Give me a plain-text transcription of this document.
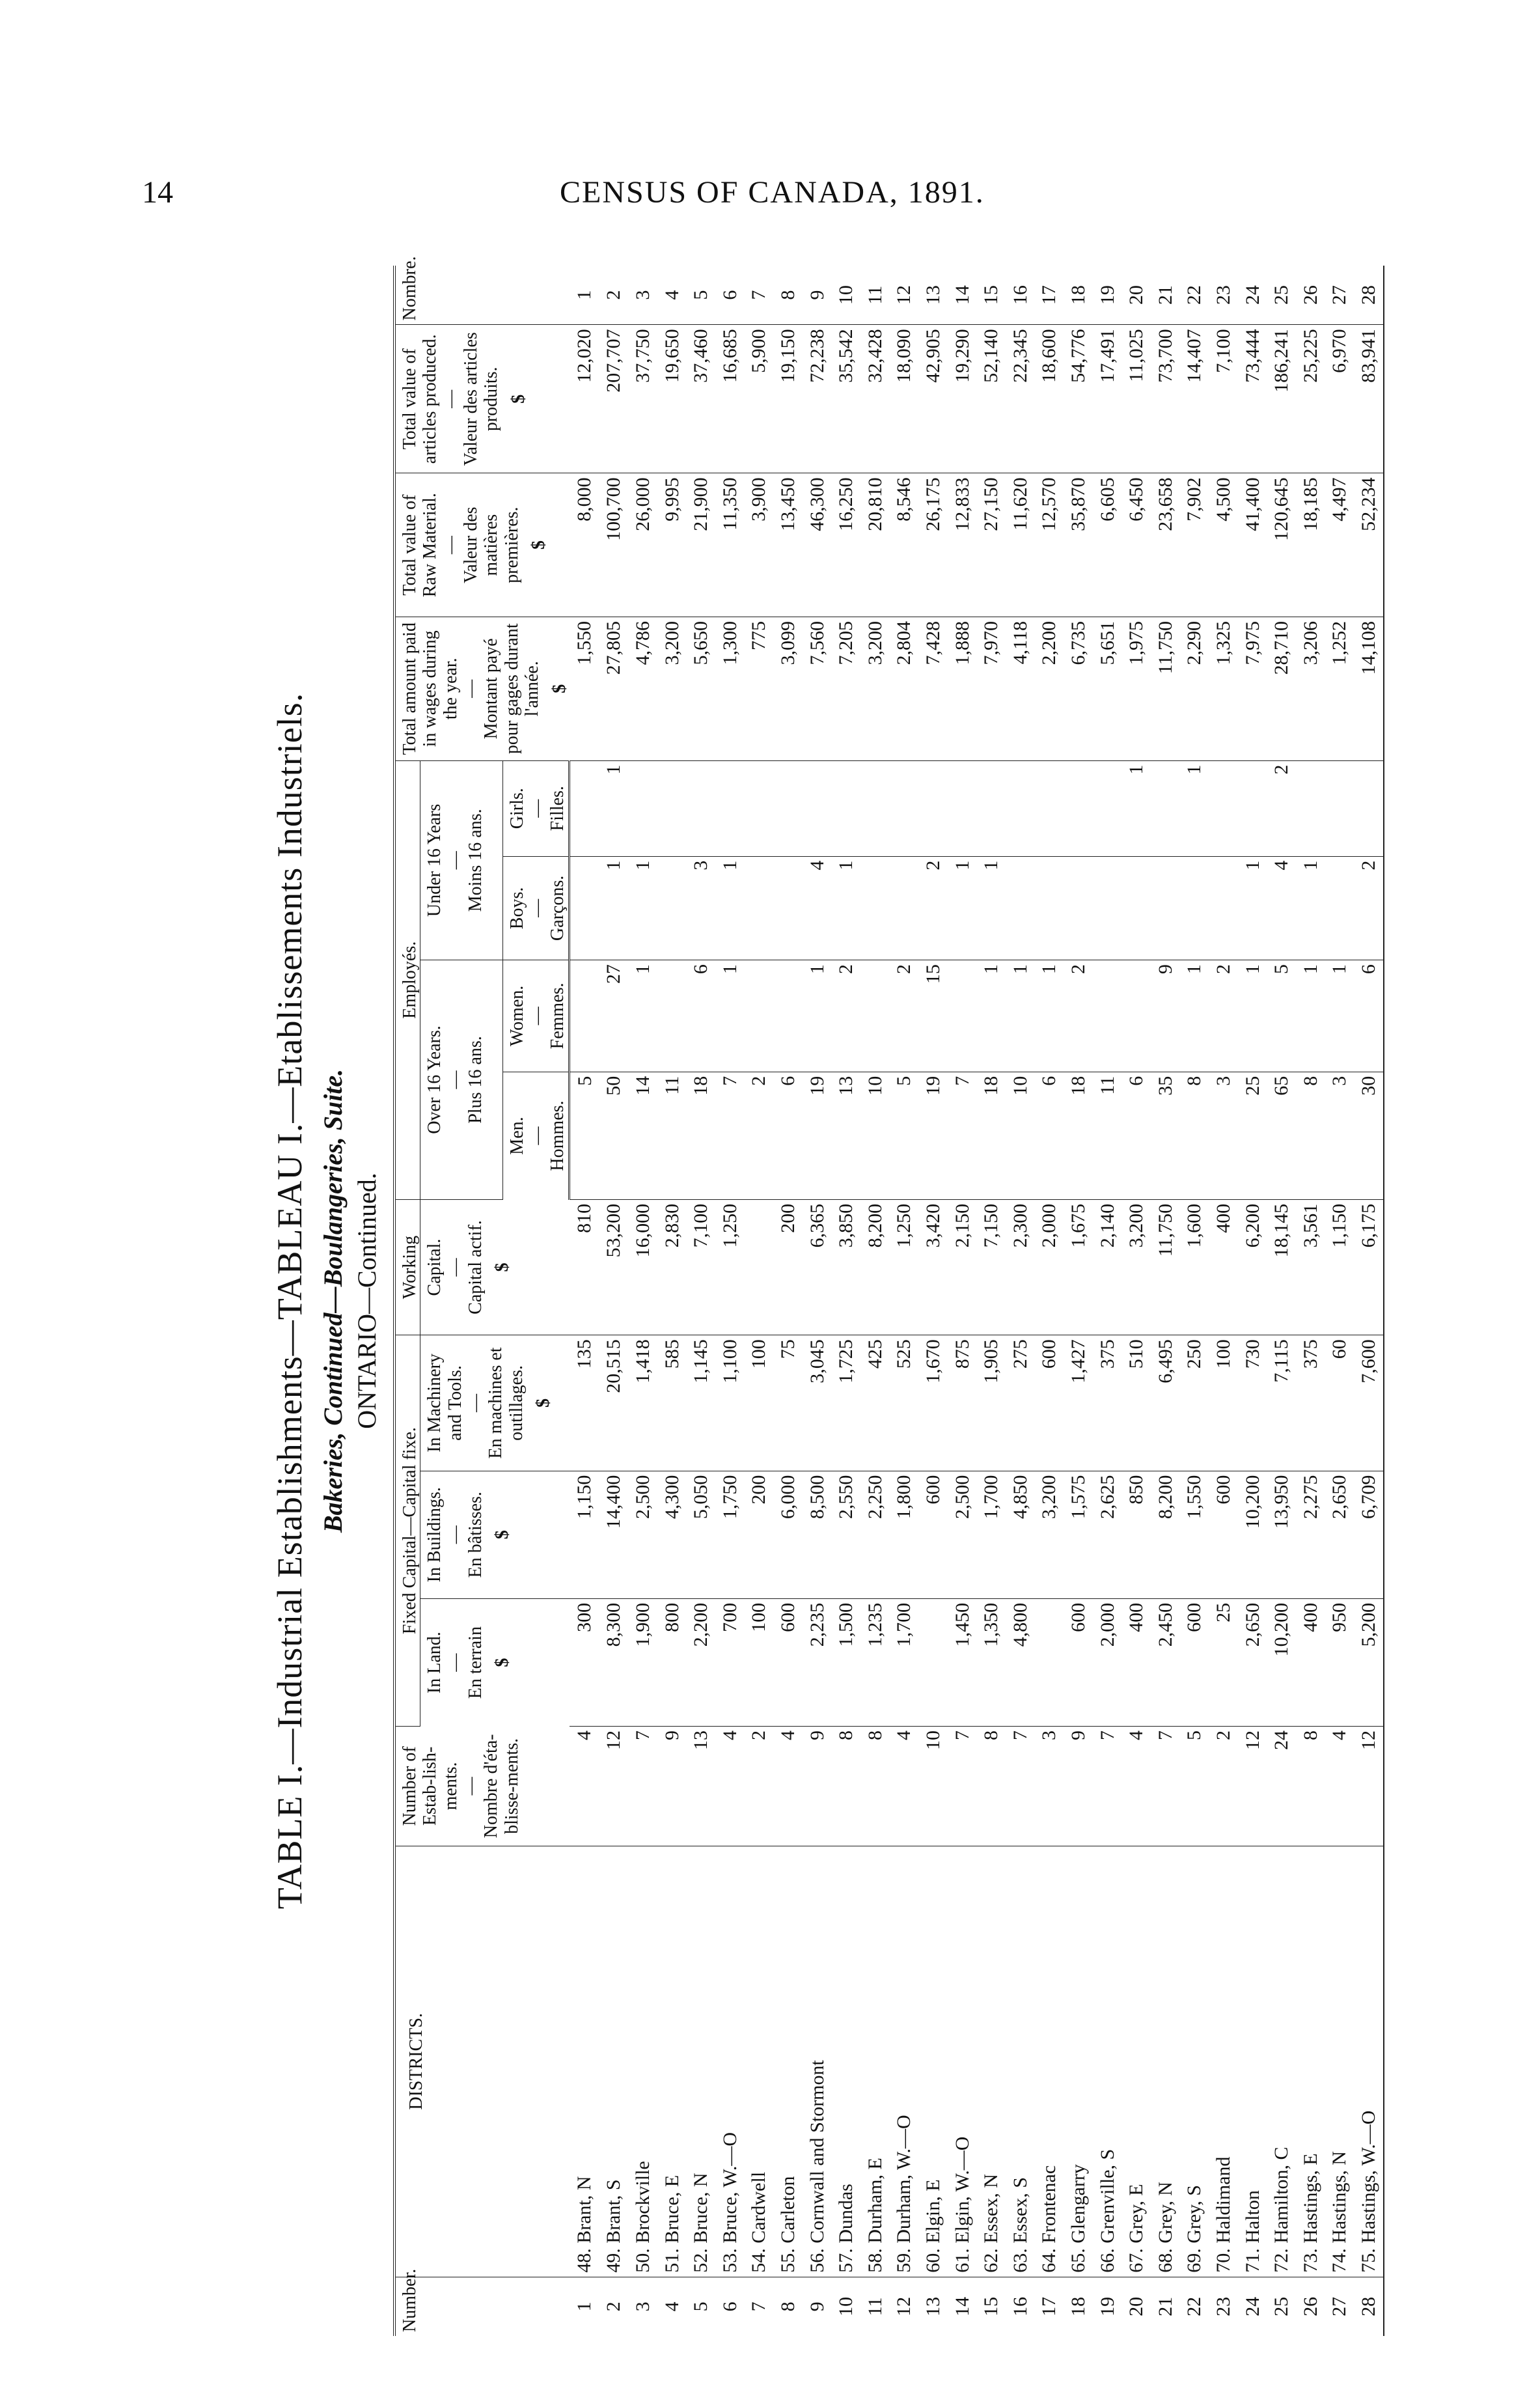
14	CENSUS OF CANADA, 1891.
TABLE I.—Industrial Establishments—TABLEAU I.—Etablissements Industriels. Bakeries, Continued—Boulangeries, Suite. ONTARIO—Continued.
Number.	DISTRICTS.	Number of Estab-lish-ments. — Nombre d'éta-blisse-ments.	Fixed Capital—Capital fixe.			Working	Employés.				Total amount paid in wages during the year. — Montant payé pour gages durant l'année. $	Total value of Raw Material. — Valeur des matières premières. $	Total value of articles produced. — Valeur des articles produits. $	Nombre.
			In Land. — En terrain $	In Buildings. — En bâtisses. $	In Machinery and Tools. — En machines et outillages. $	Capital. — Capital actif. $	Over 16 Years. — Plus 16 ans.		Under 16 Years — Moins 16 ans.					
							Men. — Hommes.	Women. — Femmes.	Boys. — Garçons.	Girls. — Filles.				
1	48. Brant, N	4	300	1,150	135	810	5				1,550	8,000	12,020	1
2	49. Brant, S	12	8,300	14,400	20,515	53,200	50	27	1	1	27,805	100,700	207,707	2
3	50. Brockville	7	1,900	2,500	1,418	16,000	14	1	1		4,786	26,000	37,750	3
4	51. Bruce, E	9	800	4,300	585	2,830	11				3,200	9,995	19,650	4
5	52. Bruce, N	13	2,200	5,050	1,145	7,100	18	6	3		5,650	21,900	37,460	5
6	53. Bruce, W.—O	4	700	1,750	1,100	1,250	7	1	1		1,300	11,350	16,685	6
7	54. Cardwell	2	100	200	100		2				775	3,900	5,900	7
8	55. Carleton	4	600	6,000	75	200	6				3,099	13,450	19,150	8
9	56. Cornwall and Stormont	9	2,235	8,500	3,045	6,365	19	1	4		7,560	46,300	72,238	9
10	57. Dundas	8	1,500	2,550	1,725	3,850	13	2	1		7,205	16,250	35,542	10
11	58. Durham, E	8	1,235	2,250	425	8,200	10				3,200	20,810	32,428	11
12	59. Durham, W.—O	4	1,700	1,800	525	1,250	5	2			2,804	8,546	18,090	12
13	60. Elgin, E	10		600	1,670	3,420	19	15	2		7,428	26,175	42,905	13
14	61. Elgin, W.—O	7	1,450	2,500	875	2,150	7		1		1,888	12,833	19,290	14
15	62. Essex, N	8	1,350	1,700	1,905	7,150	18	1	1		7,970	27,150	52,140	15
16	63. Essex, S	7	4,800	4,850	275	2,300	10	1			4,118	11,620	22,345	16
17	64. Frontenac	3		3,200	600	2,000	6	1			2,200	12,570	18,600	17
18	65. Glengarry	9	600	1,575	1,427	1,675	18	2			6,735	35,870	54,776	18
19	66. Grenville, S	7	2,000	2,625	375	2,140	11				5,651	6,605	17,491	19
20	67. Grey, E	4	400	850	510	3,200	6			1	1,975	6,450	11,025	20
21	68. Grey, N	7	2,450	8,200	6,495	11,750	35	9			11,750	23,658	73,700	21
22	69. Grey, S	5	600	1,550	250	1,600	8	1		1	2,290	7,902	14,407	22
23	70. Haldimand	2	25	600	100	400	3	2			1,325	4,500	7,100	23
24	71. Halton	12	2,650	10,200	730	6,200	25	1	1		7,975	41,400	73,444	24
25	72. Hamilton, C	24	10,200	13,950	7,115	18,145	65	5	4	2	28,710	120,645	186,241	25
26	73. Hastings, E	8	400	2,275	375	3,561	8	1	1		3,206	18,185	25,225	26
27	74. Hastings, N	4	950	2,650	60	1,150	3	1			1,252	4,497	6,970	27
28	75. Hastings, W.—O	12	5,200	6,709	7,600	6,175	30	6	2		14,108	52,234	83,941	28
